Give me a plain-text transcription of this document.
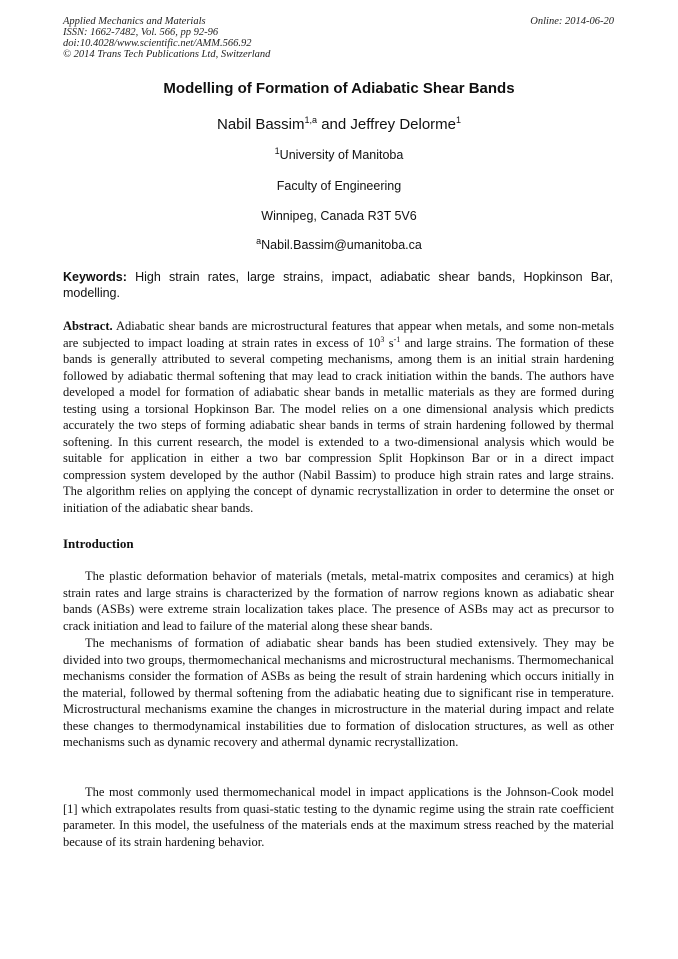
Applied Mechanics and Materials
ISSN: 1662-7482, Vol. 566, pp 92-96
doi:10.4028/www.scientific.net/AMM.566.92
© 2014 Trans Tech Publications Ltd, Switzerland
Online: 2014-06-20
Modelling of Formation of Adiabatic Shear Bands
Nabil Bassim$^{1,a}$ and Jeffrey Delorme$^1$
$^1$University of Manitoba
Faculty of Engineering
Winnipeg, Canada R3T 5V6
$^a$Nabil.Bassim@umanitoba.ca
Keywords: High strain rates, large strains, impact, adiabatic shear bands, Hopkinson Bar, modelling.
Abstract. Adiabatic shear bands are microstructural features that appear when metals, and some non-metals are subjected to impact loading at strain rates in excess of $10^3$ $s^{-1}$ and large strains. The formation of these bands is generally attributed to several competing mechanisms, among them is an initial strain hardening followed by adiabatic thermal softening that may lead to crack initiation within the bands. The authors have developed a model for formation of adiabatic shear bands in metallic materials as they are formed during testing using a torsional Hopkinson Bar. The model relies on a one dimensional analysis which predicts accurately the two steps of forming adiabatic shear bands in terms of strain hardening followed by thermal softening. In this current research, the model is extended to a two-dimensional analysis which would be suitable for application in either a two bar compression Split Hopkinson Bar or in a direct impact compression system developed by the author (Nabil Bassim) to produce high strain rates and large strains. The algorithm relies on applying the concept of dynamic recrystallization in order to determine the onset or initiation of the adiabatic shear bands.
Introduction
The plastic deformation behavior of materials (metals, metal-matrix composites and ceramics) at high strain rates and large strains is characterized by the formation of narrow regions known as adiabatic shear bands (ASBs) were extreme strain localization takes place. The presence of ASBs may act as precursor to crack initiation and lead to failure of the material along these shear bands.
The mechanisms of formation of adiabatic shear bands has been studied extensively. They may be divided into two groups, thermomechanical mechanisms and microstructural mechanisms. Thermomechanical mechanisms consider the formation of ASBs as being the result of strain hardening which occurs initially in the material, followed by thermal softening from the adiabatic heating due to significant rise in temperature. Microstructural mechanisms examine the changes in microstructure in the material during impact and relate these changes to thermodynamical instabilities due to formation of dislocation structures, as well as other mechanisms such as dynamic recovery and athermal dynamic recrystallization.
The most commonly used thermomechanical model in impact applications is the Johnson-Cook model [1] which extrapolates results from quasi-static testing to the dynamic regime using the strain rate coefficient parameter. In this model, the usefulness of the materials ends at the maximum stress reached by the material because of its strain hardening behavior.
